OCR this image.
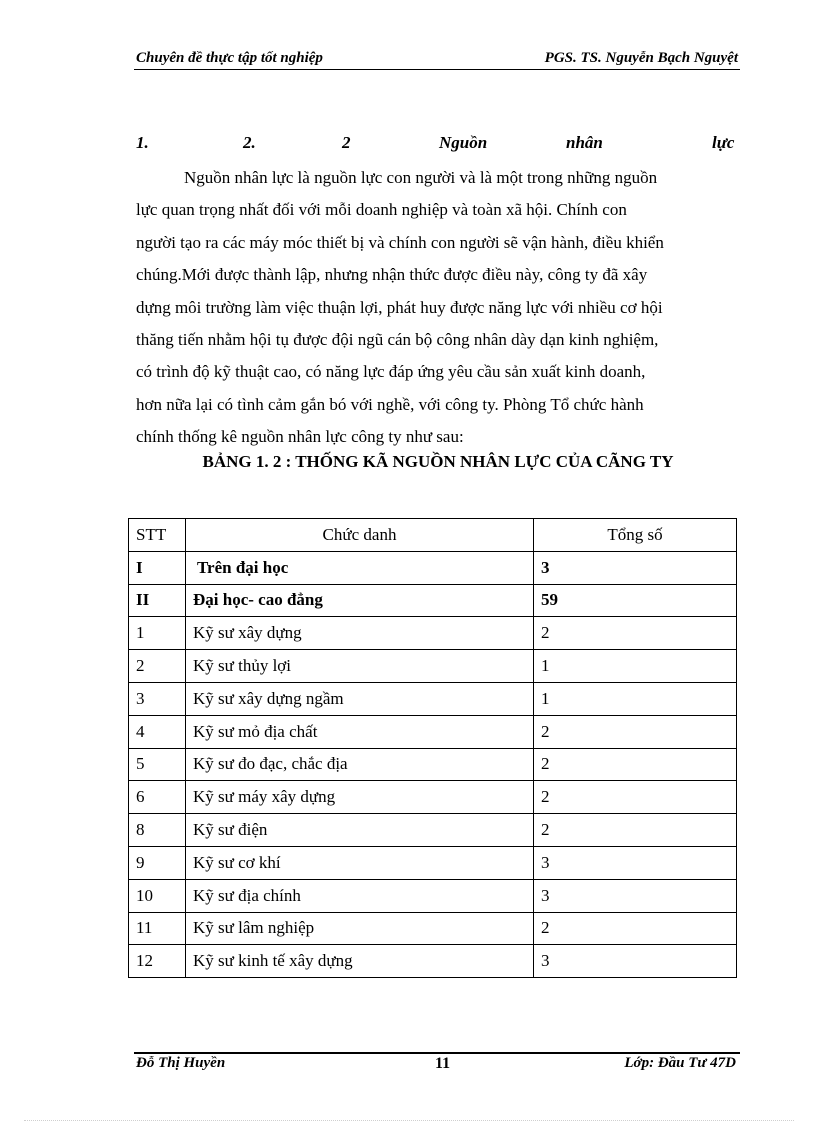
Chuyên đề thực tập tốt nghiệp	PGS. TS. Nguyễn Bạch Nguyệt
1.	2.	2	Nguồn	nhân	lực
Nguồn nhân lực là nguồn lực con người và là một trong những nguồn
lực quan trọng nhất đối với mỗi doanh nghiệp và toàn xã hội. Chính con
người tạo ra các máy móc thiết bị và chính con người sẽ vận hành, điều khiển
chúng.Mới được thành lập, nhưng nhận thức được điều này, công ty đã xây
dựng môi trường làm việc thuận lợi, phát huy được năng lực với nhiều cơ hội
thăng tiến nhằm hội tụ được đội ngũ cán bộ công nhân dày dạn kinh nghiệm,
có trình độ kỹ thuật cao, có năng lực đáp ứng yêu cầu sản xuất kinh doanh,
hơn nữa lại có tình cảm gắn bó với nghề, với công ty. Phòng Tổ chức hành
chính thống kê nguồn nhân lực công ty như sau:
BẢNG 1. 2 : THỐNG KÃ NGUỒN NHÂN LỰC CỦA CÃNG TY
STT	Chức danh	Tổng số
I	Trên đại học	3
II	Đại học- cao đẳng	59
1	Kỹ sư xây dựng	2
2	Kỹ sư thủy lợi	1
3	Kỹ sư xây dựng ngầm	1
4	Kỹ sư mỏ địa chất	2
5	Kỹ sư đo đạc, chắc địa	2
6	Kỹ sư máy xây dựng	2
8	Kỹ sư điện	2
9	Kỹ sư cơ khí	3
10	Kỹ sư địa chính	3
11	Kỹ sư lâm nghiệp	2
12	Kỹ sư kinh tế xây dựng	3
Đỗ Thị Huyền	11	Lớp: Đầu Tư 47D
